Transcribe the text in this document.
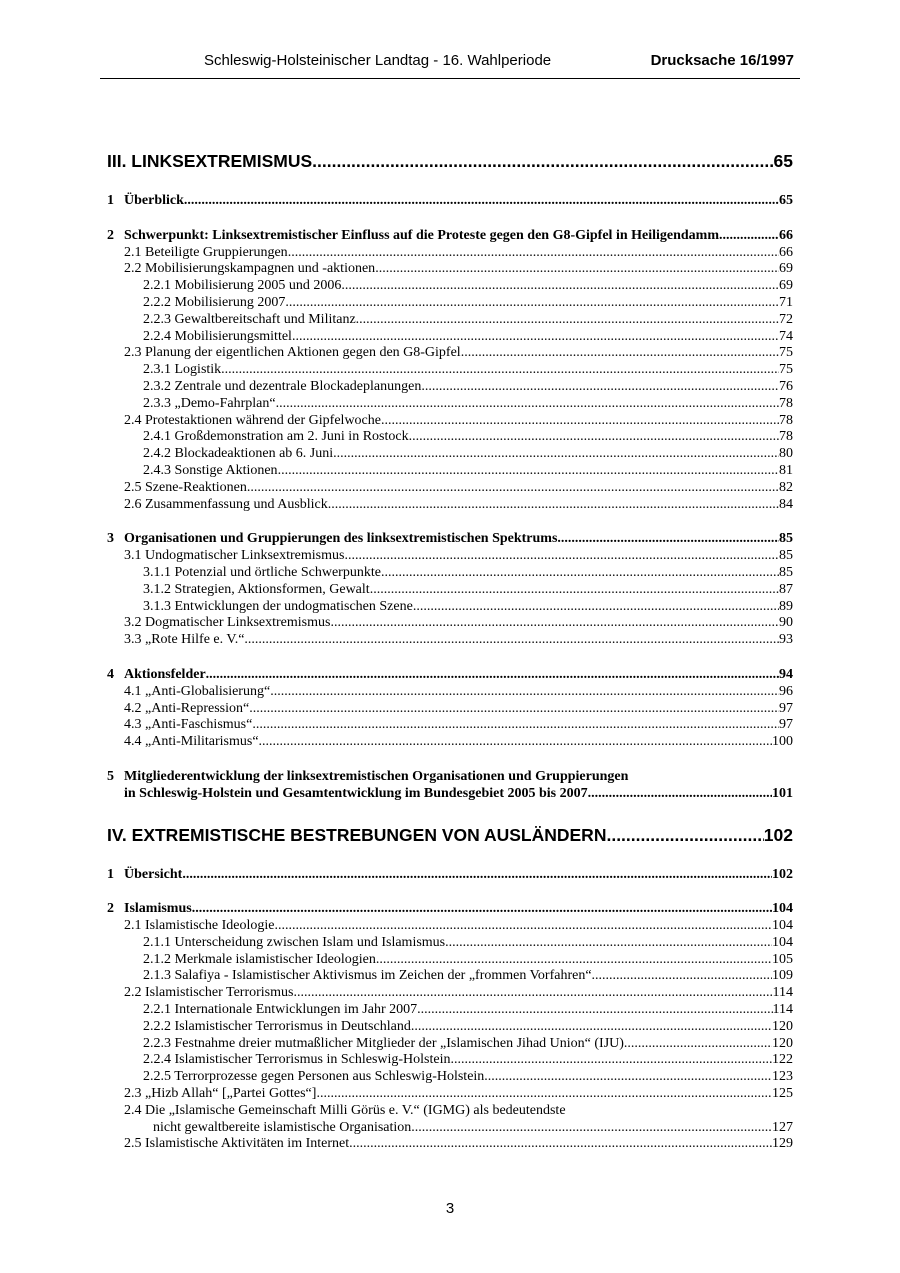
Schleswig-Holsteinischer Landtag - 16. Wahlperiode	Drucksache 16/1997
III. LINKSEXTREMISMUS .....	65
1 Überblick .....	65
2 Schwerpunkt: Linksextremistischer Einfluss auf die Proteste gegen den G8-Gipfel in Heiligendamm .....	66
2.1 Beteiligte Gruppierungen .....	66
2.2 Mobilisierungskampagnen und -aktionen .....	69
2.2.1 Mobilisierung 2005 und 2006 .....	69
2.2.2 Mobilisierung 2007 .....	71
2.2.3 Gewaltbereitschaft und Militanz .....	72
2.2.4 Mobilisierungsmittel .....	74
2.3 Planung der eigentlichen Aktionen gegen den G8-Gipfel .....	75
2.3.1 Logistik .....	75
2.3.2 Zentrale und dezentrale Blockadeplanungen .....	76
2.3.3 „Demo-Fahrplan“ .....	78
2.4 Protestaktionen während der Gipfelwoche .....	78
2.4.1 Großdemonstration am 2. Juni in Rostock .....	78
2.4.2 Blockadeaktionen ab 6. Juni .....	80
2.4.3 Sonstige Aktionen .....	81
2.5 Szene-Reaktionen .....	82
2.6 Zusammenfassung und Ausblick .....	84
3 Organisationen und Gruppierungen des linksextremistischen Spektrums .....	85
3.1 Undogmatischer Linksextremismus .....	85
3.1.1 Potenzial und örtliche Schwerpunkte .....	85
3.1.2 Strategien, Aktionsformen, Gewalt .....	87
3.1.3 Entwicklungen der undogmatischen Szene .....	89
3.2 Dogmatischer Linksextremismus .....	90
3.3 „Rote Hilfe e. V.“ .....	93
4 Aktionsfelder .....	94
4.1 „Anti-Globalisierung“ .....	96
4.2 „Anti-Repression“ .....	97
4.3 „Anti-Faschismus“ .....	97
4.4 „Anti-Militarismus“ .....	100
5 Mitgliederentwicklung der linksextremistischen Organisationen und Gruppierungen
in Schleswig-Holstein und Gesamtentwicklung im Bundesgebiet 2005 bis 2007 .....	101
IV. EXTREMISTISCHE BESTREBUNGEN VON AUSLÄNDERN .....	102
1 Übersicht .....	102
2 Islamismus .....	104
2.1 Islamistische Ideologie .....	104
2.1.1 Unterscheidung zwischen Islam und Islamismus .....	104
2.1.2 Merkmale islamistischer Ideologien .....	105
2.1.3 Salafiya - Islamistischer Aktivismus im Zeichen der „frommen Vorfahren“ .....	109
2.2 Islamistischer Terrorismus .....	114
2.2.1 Internationale Entwicklungen im Jahr 2007 .....	114
2.2.2 Islamistischer Terrorismus in Deutschland .....	120
2.2.3 Festnahme dreier mutmaßlicher Mitglieder der „Islamischen Jihad Union“ (IJU) .....	120
2.2.4 Islamistischer Terrorismus in Schleswig-Holstein .....	122
2.2.5 Terrorprozesse gegen Personen aus Schleswig-Holstein .....	123
2.3 „Hizb Allah“ [„Partei Gottes“] .....	125
2.4 Die „Islamische Gemeinschaft Milli Görüs e. V.“ (IGMG) als bedeutendste
nicht gewaltbereite islamistische Organisation .....	127
2.5 Islamistische Aktivitäten im Internet .....	129
3
